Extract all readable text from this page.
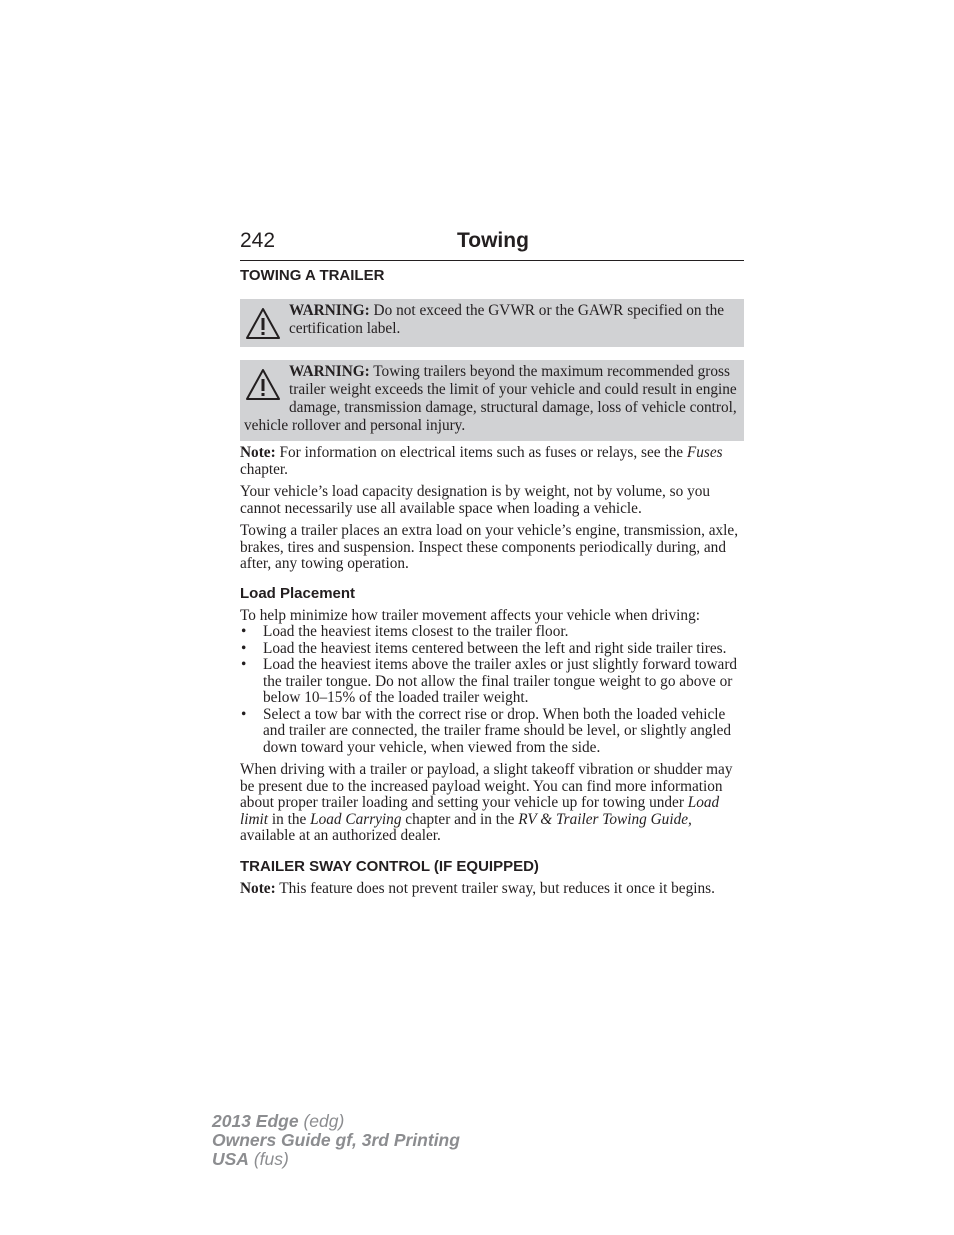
242	Towing
TOWING A TRAILER
WARNING: Do not exceed the GVWR or the GAWR specified on the certification label.
WARNING: Towing trailers beyond the maximum recommended gross trailer weight exceeds the limit of your vehicle and could result in engine damage, transmission damage, structural damage, loss of vehicle control, vehicle rollover and personal injury.

Note: For information on electrical items such as fuses or relays, see the Fuses chapter.

Your vehicle’s load capacity designation is by weight, not by volume, so you cannot necessarily use all available space when loading a vehicle.

Towing a trailer places an extra load on your vehicle’s engine, transmission, axle, brakes, tires and suspension. Inspect these components periodically during, and after, any towing operation.

Load Placement

To help minimize how trailer movement affects your vehicle when driving:

• Load the heaviest items closest to the trailer floor.
• Load the heaviest items centered between the left and right side trailer tires.
• Load the heaviest items above the trailer axles or just slightly forward toward the trailer tongue. Do not allow the final trailer tongue weight to go above or below 10–15% of the loaded trailer weight.
• Select a tow bar with the correct rise or drop. When both the loaded vehicle and trailer are connected, the trailer frame should be level, or slightly angled down toward your vehicle, when viewed from the side.

When driving with a trailer or payload, a slight takeoff vibration or shudder may be present due to the increased payload weight. You can find more information about proper trailer loading and setting your vehicle up for towing under Load limit in the Load Carrying chapter and in the RV & Trailer Towing Guide, available at an authorized dealer.

TRAILER SWAY CONTROL (IF EQUIPPED)

Note: This feature does not prevent trailer sway, but reduces it once it begins.

2013 Edge (edg)
Owners Guide gf, 3rd Printing
USA (fus)
